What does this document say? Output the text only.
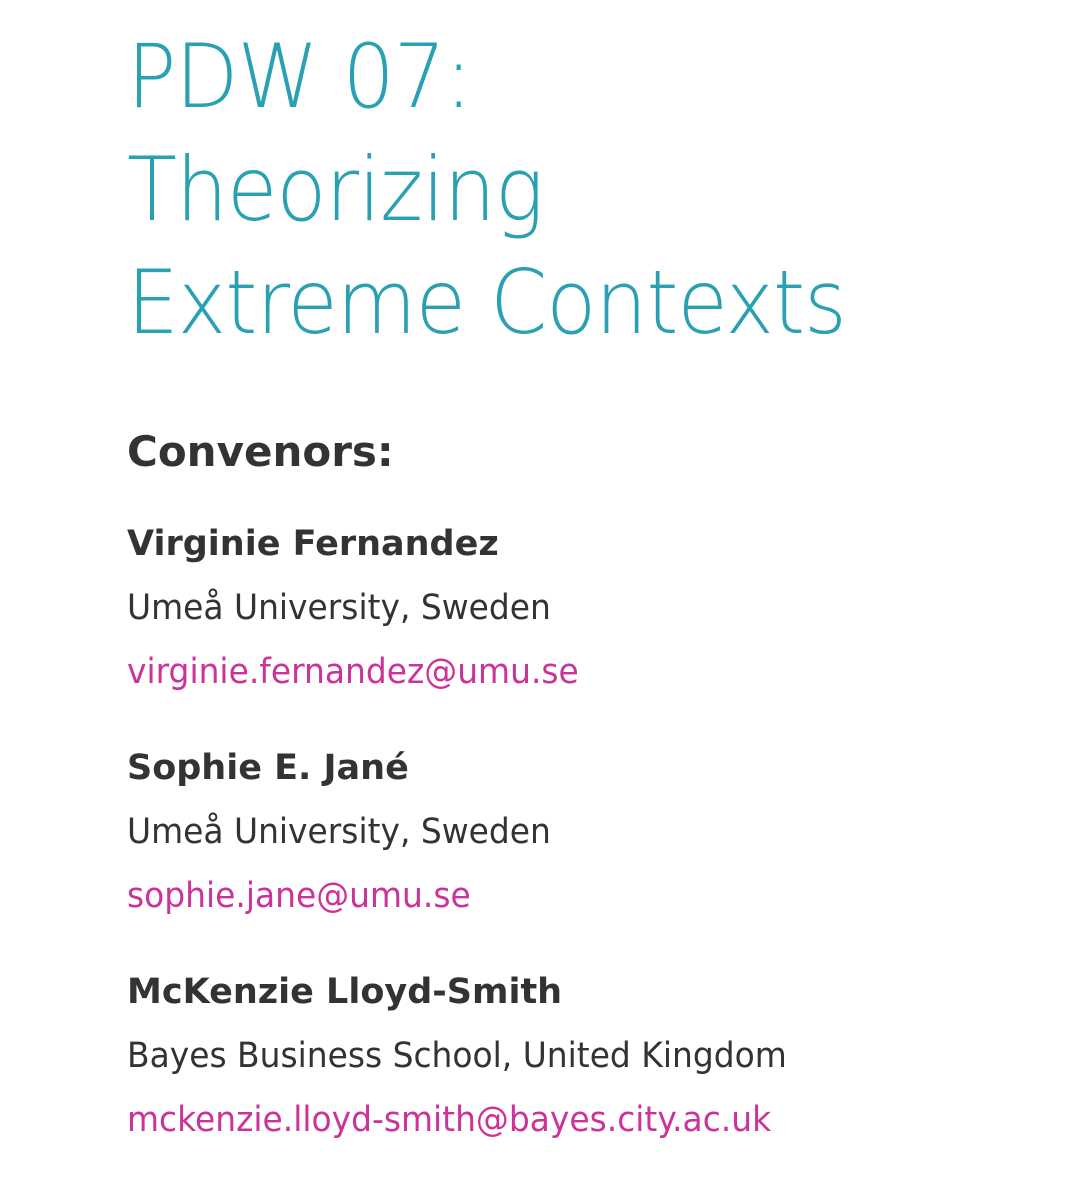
PDW 07:
Theorizing
Extreme Contexts
Convenors:
Virginie Fernandez
Umeå University, Sweden
virginie.fernandez@umu.se
Sophie E. Jané
Umeå University, Sweden
sophie.jane@umu.se
McKenzie Lloyd-Smith
Bayes Business School, United Kingdom
mckenzie.lloyd-smith@bayes.city.ac.uk
